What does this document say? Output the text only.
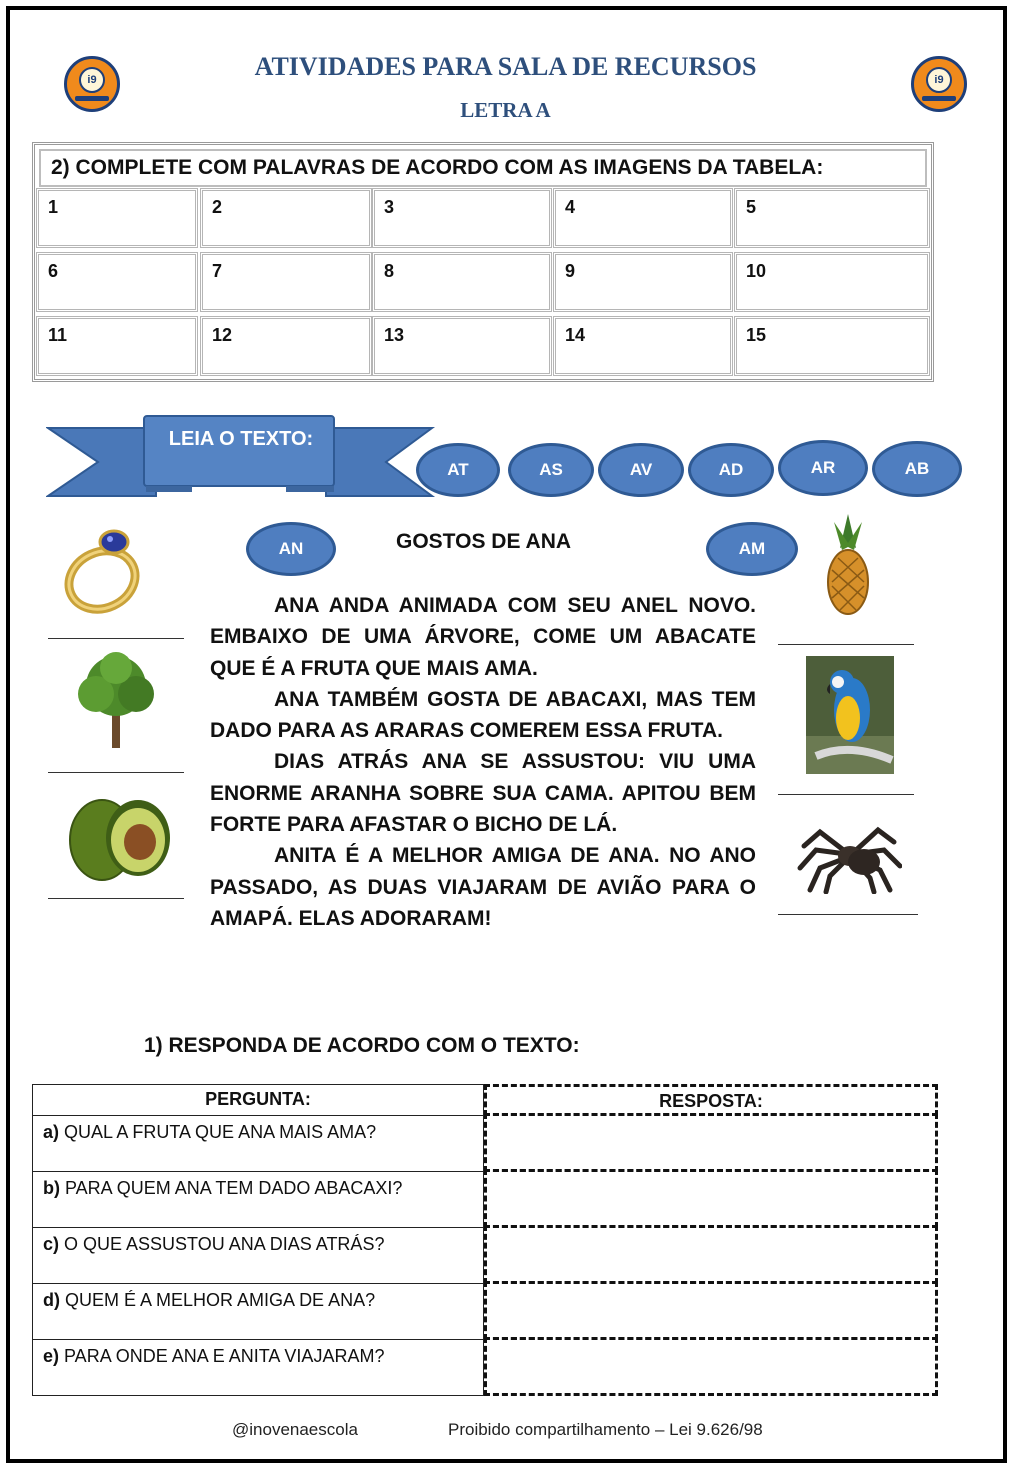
i9	i9
ATIVIDADES PARA SALA DE RECURSOS
LETRA A
2) COMPLETE COM PALAVRAS DE ACORDO COM AS IMAGENS DA TABELA:
1	2	3	4	5
6	7	8	9	10
11	12	13	14	15
LEIA O TEXTO:
AT	AS	AV	AD	AR	AB
AN	AM
GOSTOS DE ANA

ANA ANDA ANIMADA COM SEU ANEL NOVO. EMBAIXO DE UMA ÁRVORE, COME UM ABACATE QUE É A FRUTA QUE MAIS AMA.

ANA TAMBÉM GOSTA DE ABACAXI, MAS TEM DADO PARA AS ARARAS COMEREM ESSA FRUTA.

DIAS ATRÁS ANA SE ASSUSTOU: VIU UMA ENORME ARANHA SOBRE SUA CAMA. APITOU BEM FORTE PARA AFASTAR O BICHO DE LÁ.

ANITA É A MELHOR AMIGA DE ANA. NO ANO PASSADO, AS DUAS VIAJARAM DE AVIÃO PARA O AMAPÁ. ELAS ADORARAM!

1) RESPONDA DE ACORDO COM O TEXTO:
PERGUNTA:	RESPOSTA:
a) QUAL A FRUTA QUE ANA MAIS AMA?
b) PARA QUEM ANA TEM DADO ABACAXI?
c) O QUE ASSUSTOU ANA DIAS ATRÁS?
d) QUEM É A MELHOR AMIGA DE ANA?
e) PARA ONDE ANA E ANITA VIAJARAM?
@inovenaescola	Proibido compartilhamento – Lei 9.626/98
